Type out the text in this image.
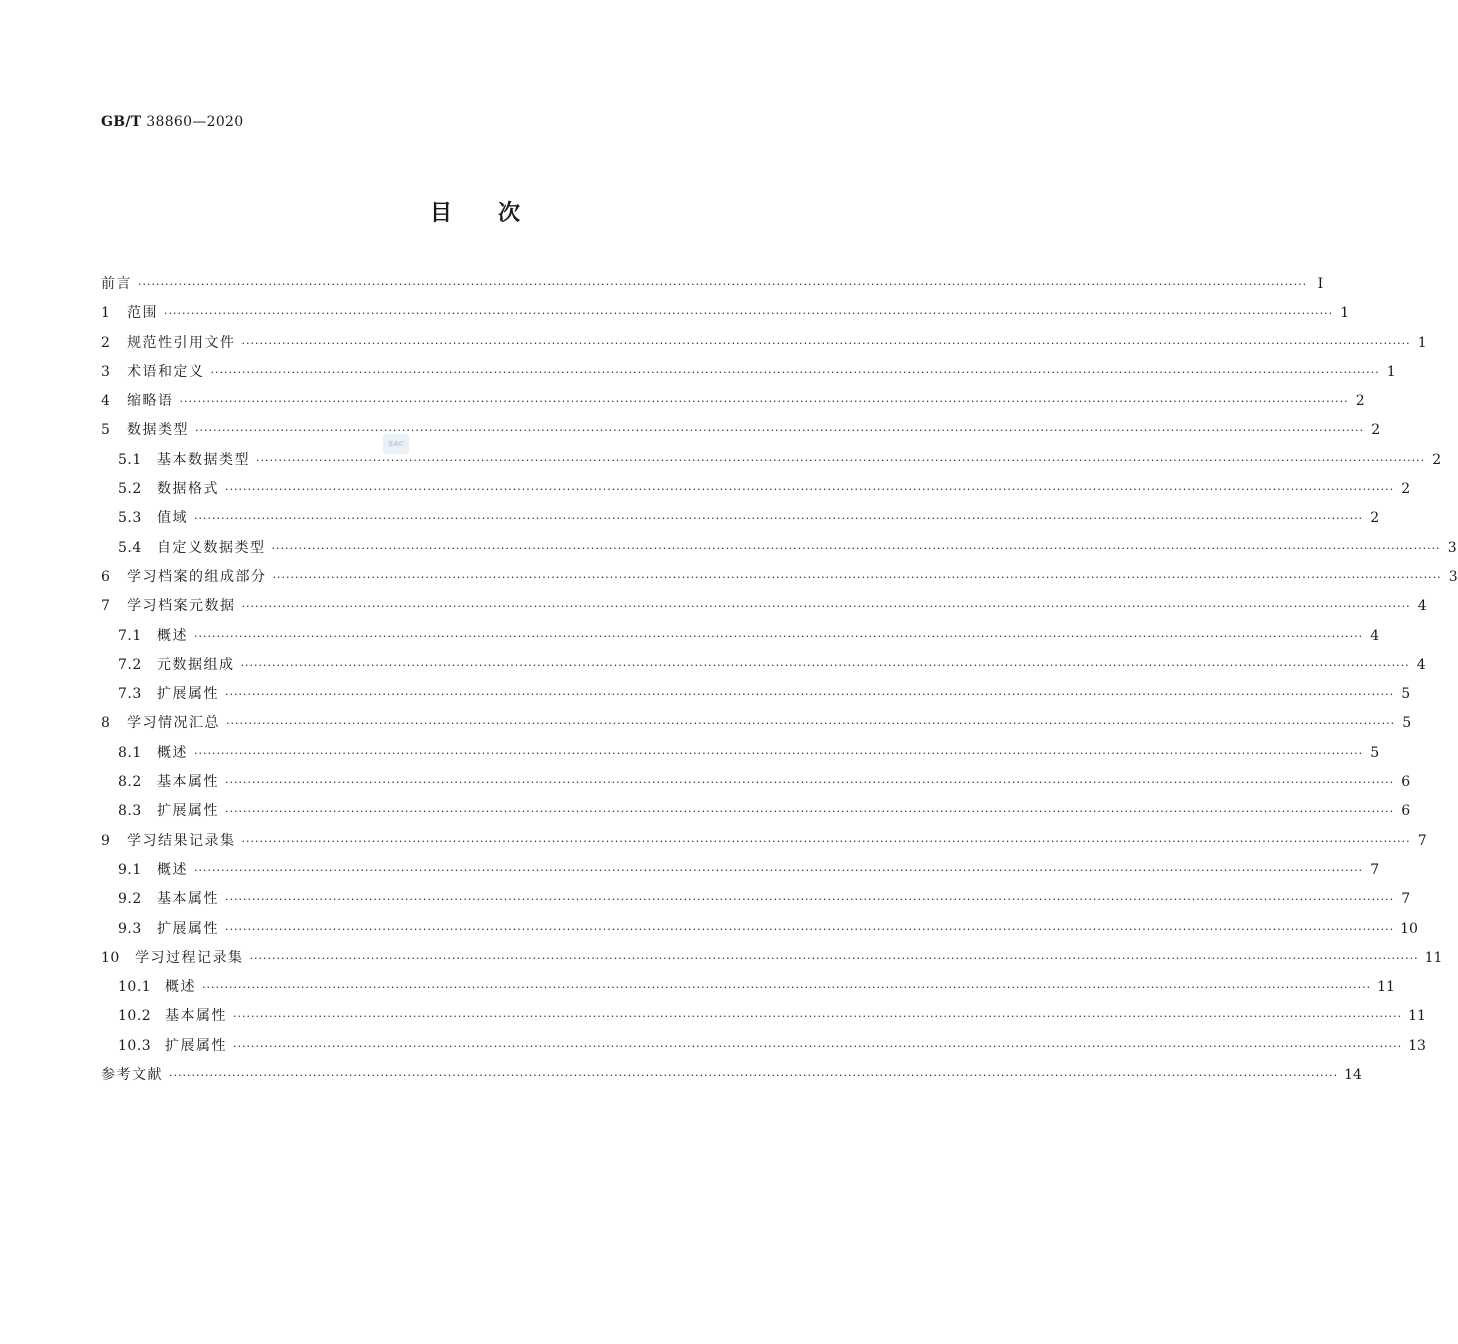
GB/T 38860—2020
目次
SAC
前言 ···································································································································································································································································· Ⅰ
1	范围 ···································································································································································································································································· 1
2	规范性引用文件 ···································································································································································································································································· 1
3	术语和定义 ···································································································································································································································································· 1
4	缩略语 ···································································································································································································································································· 2
5	数据类型 ···································································································································································································································································· 2
5.1	基本数据类型 ···································································································································································································································································· 2
5.2	数据格式 ···································································································································································································································································· 2
5.3	值域 ···································································································································································································································································· 2
5.4	自定义数据类型 ···································································································································································································································································· 3
6	学习档案的组成部分 ···································································································································································································································································· 3
7	学习档案元数据 ···································································································································································································································································· 4
7.1	概述 ···································································································································································································································································· 4
7.2	元数据组成 ···································································································································································································································································· 4
7.3	扩展属性 ···································································································································································································································································· 5
8	学习情况汇总 ···································································································································································································································································· 5
8.1	概述 ···································································································································································································································································· 5
8.2	基本属性 ···································································································································································································································································· 6
8.3	扩展属性 ···································································································································································································································································· 6
9	学习结果记录集 ···································································································································································································································································· 7
9.1	概述 ···································································································································································································································································· 7
9.2	基本属性 ···································································································································································································································································· 7
9.3	扩展属性 ···································································································································································································································································· 10
10	学习过程记录集 ···································································································································································································································································· 11
10.1 概述 ···································································································································································································································································· 11
10.2 基本属性 ···································································································································································································································································· 11
10.3 扩展属性 ···································································································································································································································································· 13
参考文献 ···································································································································································································································································· 14
